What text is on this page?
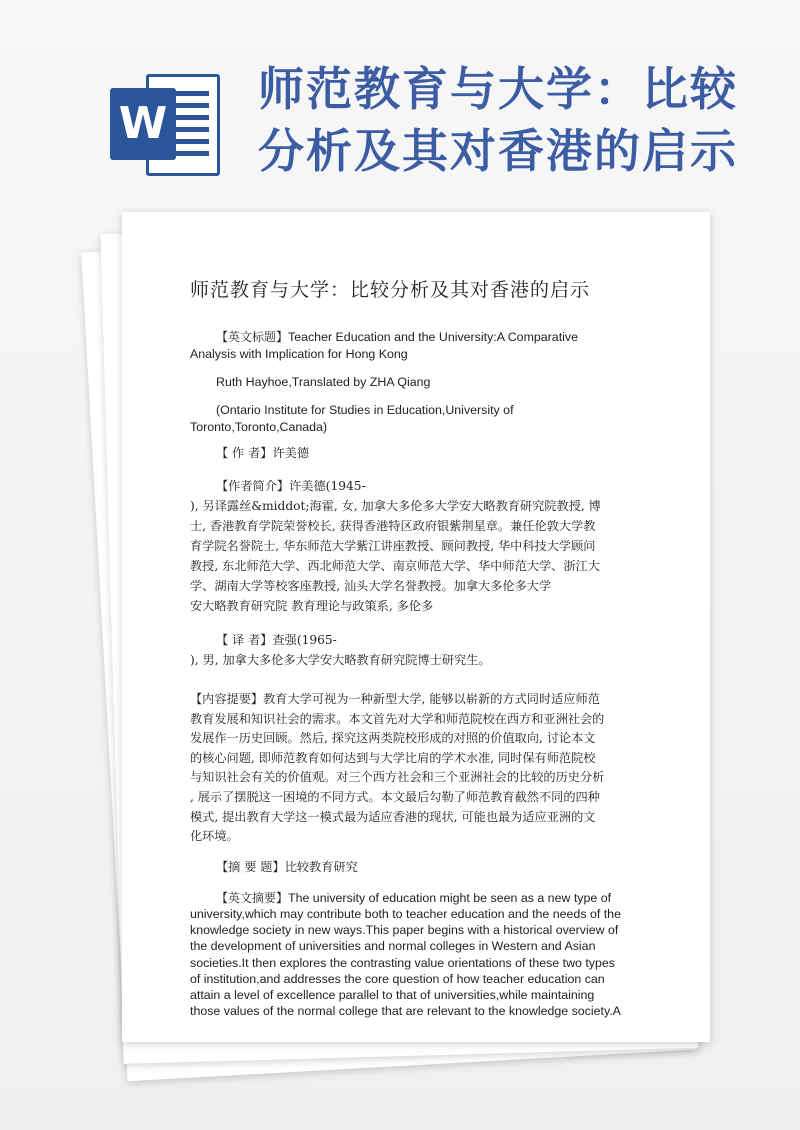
W
师范教育与大学：比较
分析及其对香港的启示
师范教育与大学：比较分析及其对香港的启示
【英文标题】Teacher Education and the University:A Comparative
Analysis with Implication for Hong Kong
Ruth Hayhoe,Translated by ZHA Qiang
(Ontario Institute for Studies in Education,University of
Toronto,Toronto,Canada)
【 作 者】许美德
【作者简介】许美德(1945-
), 另译露丝&middot;海霍, 女, 加拿大多伦多大学安大略教育研究院教授, 博
士, 香港教育学院荣誉校长, 获得香港特区政府银紫荆星章。兼任伦敦大学教
育学院名誉院士, 华东师范大学紫江讲座教授、顾问教授, 华中科技大学顾问
教授, 东北师范大学、西北师范大学、南京师范大学、华中师范大学、浙江大
学、湖南大学等校客座教授, 汕头大学名誉教授。加拿大多伦多大学
安大略教育研究院 教育理论与政策系, 多伦多
【 译 者】查强(1965-
), 男, 加拿大多伦多大学安大略教育研究院博士研究生。
【内容提要】教育大学可视为一种新型大学, 能够以崭新的方式同时适应师范
教育发展和知识社会的需求。本文首先对大学和师范院校在西方和亚洲社会的
发展作一历史回顾。然后, 探究这两类院校形成的对照的价值取向, 讨论本文
的核心问题, 即师范教育如何达到与大学比肩的学术水准, 同时保有师范院校
与知识社会有关的价值观。对三个西方社会和三个亚洲社会的比较的历史分析
, 展示了摆脱这一困境的不同方式。本文最后勾勒了师范教育截然不同的四种
模式, 提出教育大学这一模式最为适应香港的现状, 可能也最为适应亚洲的文
化环境。
【摘 要 题】比较教育研究
【英文摘要】The university of education might be seen as a new type of
university,which may contribute both to teacher education and the needs of the
knowledge society in new ways.This paper begins with a historical overview of
the development of universities and normal colleges in Western and Asian
societies.It then explores the contrasting value orientations of these two types
of institution,and addresses the core question of how teacher education can
attain a level of excellence parallel to that of universities,while maintaining
those values of the normal college that are relevant to the knowledge society.A
